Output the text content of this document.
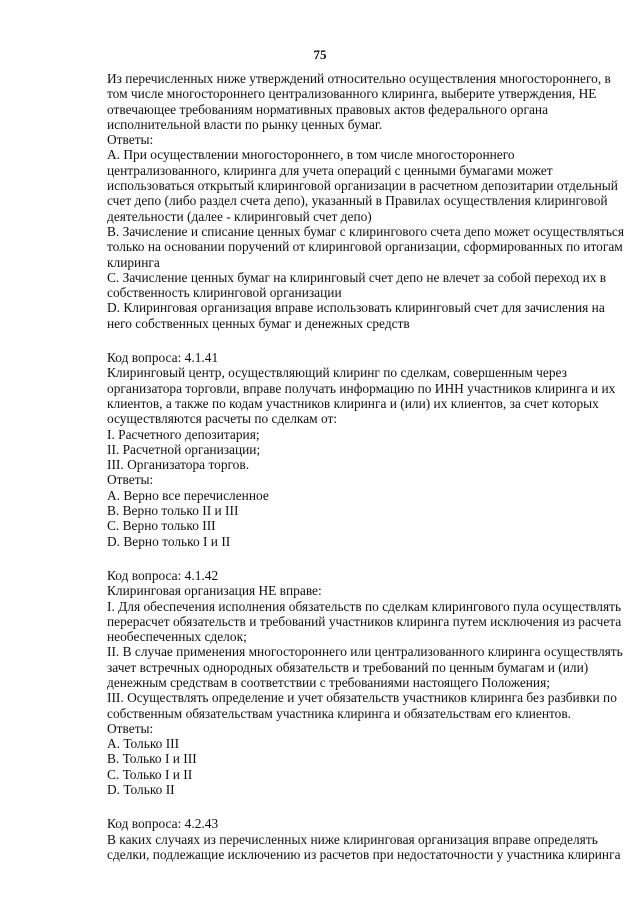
75
Из перечисленных ниже утверждений относительно осуществления многостороннего, в
том числе многостороннего централизованного клиринга, выберите утверждения, НЕ
отвечающее требованиям нормативных правовых актов федерального органа
исполнительной власти по рынку ценных бумаг.
Ответы:
А. При осуществлении многостороннего, в том числе многостороннего
централизованного, клиринга для учета операций с ценными бумагами может
использоваться открытый клиринговой организации в расчетном депозитарии отдельный
счет депо (либо раздел счета депо), указанный в Правилах осуществления клиринговой
деятельности (далее - клиринговый счет депо)
B. Зачисление и списание ценных бумаг с клирингового счета депо может осуществляться
только на основании поручений от клиринговой организации, сформированных по итогам
клиринга
C. Зачисление ценных бумаг на клиринговый счет депо не влечет за собой переход их в
собственность клиринговой организации
D. Клиринговая организация вправе использовать клиринговый счет для зачисления на
него собственных ценных бумаг и денежных средств
Код вопроса: 4.1.41
Клиринговый центр, осуществляющий клиринг по сделкам, совершенным через
организатора торговли, вправе получать информацию по ИНН участников клиринга и их
клиентов, а также по кодам участников клиринга и (или) их клиентов, за счет которых
осуществляются расчеты по сделкам от:
I. Расчетного депозитария;
II. Расчетной организации;
III. Организатора торгов.
Ответы:
A. Верно все перечисленное
B. Верно только II и III
C. Верно только III
D. Верно только I и II
Код вопроса: 4.1.42
Клиринговая организация НЕ вправе:
I. Для обеспечения исполнения обязательств по сделкам клирингового пула осуществлять
перерасчет обязательств и требований участников клиринга путем исключения из расчета
необеспеченных сделок;
II. В случае применения многостороннего или централизованного клиринга осуществлять
зачет встречных однородных обязательств и требований по ценным бумагам и (или)
денежным средствам в соответствии с требованиями настоящего Положения;
III. Осуществлять определение и учет обязательств участников клиринга без разбивки по
собственным обязательствам участника клиринга и обязательствам его клиентов.
Ответы:
A. Только III
B. Только I и III
C. Только I и II
D. Только II
Код вопроса: 4.2.43
В каких случаях из перечисленных ниже клиринговая организация вправе определять
сделки, подлежащие исключению из расчетов при недостаточности у участника клиринга
